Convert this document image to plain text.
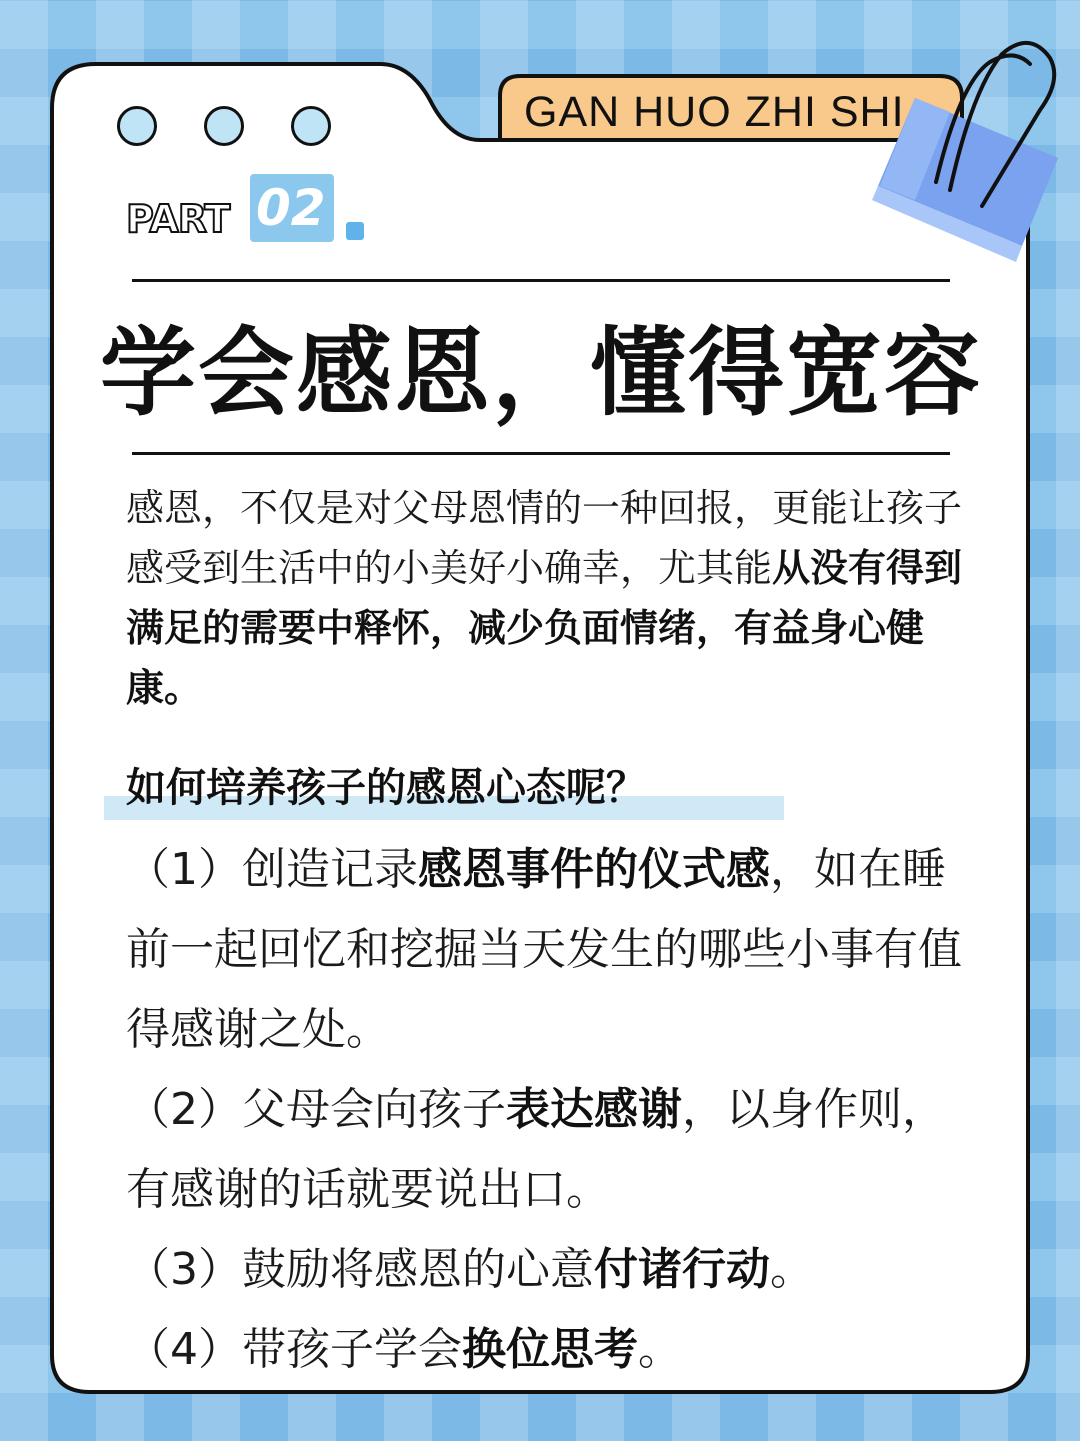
GAN HUO ZHI SHI
PART 02
学会感恩，懂得宽容
感恩，不仅是对父母恩情的一种回报，更能让孩子感受到生活中的小美好小确幸，尤其能从没有得到满足的需要中释怀，减少负面情绪，有益身心健康。
如何培养孩子的感恩心态呢？

（1）创造记录感恩事件的仪式感，如在睡前一起回忆和挖掘当天发生的哪些小事有值得感谢之处。

（2）父母会向孩子表达感谢，以身作则，有感谢的话就要说出口。

（3）鼓励将感恩的心意付诸行动。

（4）带孩子学会换位思考。
